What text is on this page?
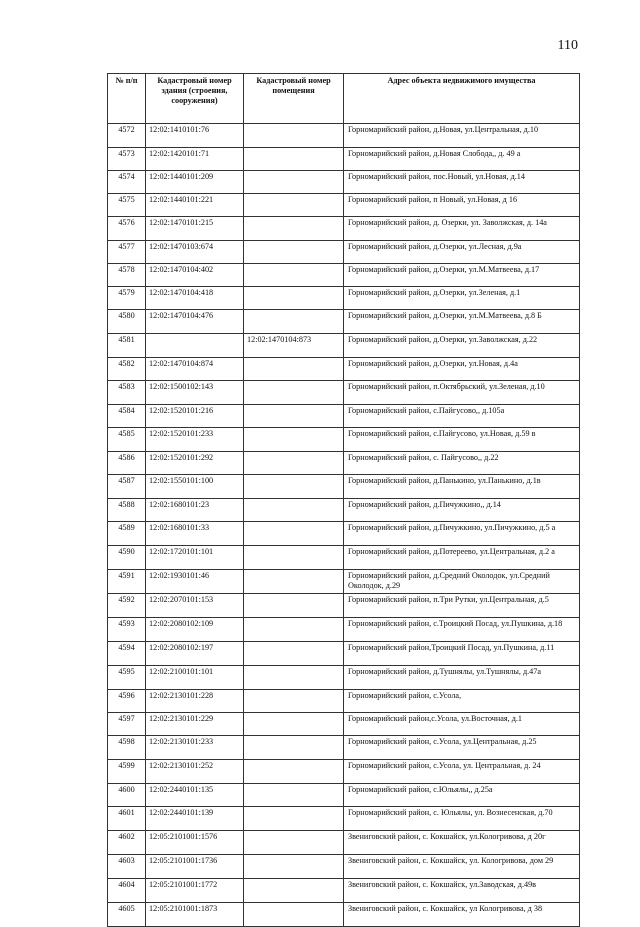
110
№ п/п	Кадастровый номер здания (строения, сооружения)	Кадастровый номер помещения	Адрес объекта недвижимого имущества
4572	12:02:1410101:76		Горномарийский район, д.Новая, ул.Центральная, д.10
4573	12:02:1420101:71		Горномарийский район, д.Новая Слобода,, д. 49 а
4574	12:02:1440101:209		Горномарийский район, пос.Новый, ул.Новая, д.14
4575	12:02:1440101:221		Горномарийский район, п Новый, ул.Новая, д 16
4576	12:02:1470101:215		Горномарийский район, д. Озерки, ул. Заволжская, д. 14а
4577	12:02:1470103:674		Горномарийский район, д.Озерки, ул.Лесная, д.9а
4578	12:02:1470104:402		Горномарийский район, д.Озерки, ул.М.Матвеева, д.17
4579	12:02:1470104:418		Горномарийский район, д.Озерки, ул.Зеленая, д.1
4580	12:02:1470104:476		Горномарийский район, д.Озерки, ул.М.Матвеева, д.8 Б
4581		12:02:1470104:873	Горномарийский район, д.Озерки, ул.Заволжская, д.22
4582	12:02:1470104:874		Горномарийский район, д.Озерки, ул.Новая, д.4а
4583	12:02:1500102:143		Горномарийский район, п.Октябрьский, ул.Зеленая, д.10
4584	12:02:1520101:216		Горномарийский район, с.Пайгусово,, д.105а
4585	12:02:1520101:233		Горномарийский район, с.Пайгусово, ул.Новая, д.59 в
4586	12:02:1520101:292		Горномарийский район, с. Пайгусово,, д.22
4587	12:02:1550101:100		Горномарийский район, д.Панькино, ул.Панькино, д.1в
4588	12:02:1680101:23		Горномарийский район, д.Пичужкино,, д.14
4589	12:02:1680101:33		Горномарийский район, д.Пичужкино, ул.Пичужкино, д.5 а
4590	12:02:1720101:101		Горномарийский район, д.Потереево, ул.Центральная, д.2 а
4591	12:02:1930101:46		Горномарийский район, д.Средний Околодок, ул.Средний Околодок, д.29
4592	12:02:2070101:153		Горномарийский район, п.Три Рутки, ул.Центральная, д.5
4593	12:02:2080102:109		Горномарийский район, с.Троицкий Посад, ул.Пушкина, д.18
4594	12:02:2080102:197		Горномарийский район,Троицкий Посад, ул.Пушкина, д.11
4595	12:02:2100101:101		Горномарийский район, д.Тушнялы, ул.Тушнялы, д.47а
4596	12:02:2130101:228		Горномарийский район, с.Усола,
4597	12:02:2130101:229		Горномарийский район,с.Усола, ул.Восточная, д.1
4598	12:02:2130101:233		Горномарийский район, с.Усола, ул.Центральная, д.25
4599	12:02:2130101:252		Горномарийский район, с.Усола, ул. Центральная, д. 24
4600	12:02:2440101:135		Горномарийский район, с.Юльялы,, д.25а
4601	12:02:2440101:139		Горномарийский район, с. Юльялы, ул. Вознесенская, д.70
4602	12:05:2101001:1576		Звениговский район, с. Кокшайск, ул.Кологривова, д 20г
4603	12:05:2101001:1736		Звениговский район, с. Кокшайск, ул. Кологривова, дом 29
4604	12:05:2101001:1772		Звениговский район, с. Кокшайск, ул.Заводская, д.49в
4605	12:05:2101001:1873		Звениговский район, с. Кокшайск, ул Кологривова, д 38
